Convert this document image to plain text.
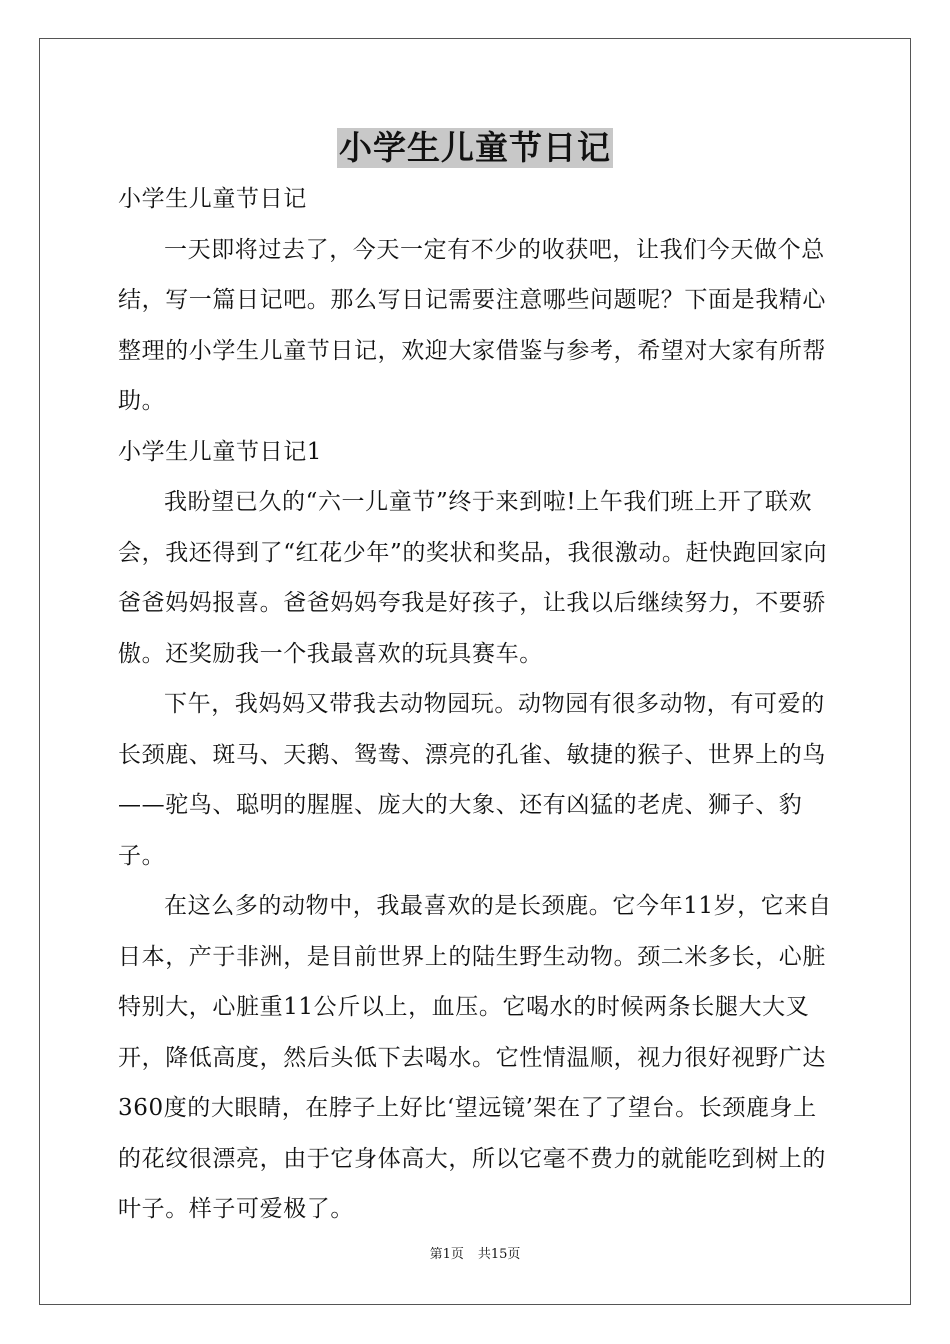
小学生儿童节日记

小学生儿童节日记

一天即将过去了，今天一定有不少的收获吧，让我们今天做个总结，写一篇日记吧。那么写日记需要注意哪些问题呢？下面是我精心整理的小学生儿童节日记，欢迎大家借鉴与参考，希望对大家有所帮助。

小学生儿童节日记1

我盼望已久的“六一儿童节”终于来到啦!上午我们班上开了联欢会，我还得到了“红花少年”的奖状和奖品，我很激动。赶快跑回家向爸爸妈妈报喜。爸爸妈妈夸我是好孩子，让我以后继续努力，不要骄傲。还奖励我一个我最喜欢的玩具赛车。

下午，我妈妈又带我去动物园玩。动物园有很多动物，有可爱的长颈鹿、斑马、天鹅、鸳鸯、漂亮的孔雀、敏捷的猴子、世界上的鸟——驼鸟、聪明的腥腥、庞大的大象、还有凶猛的老虎、狮子、豹子。

在这么多的动物中，我最喜欢的是长颈鹿。它今年11岁，它来自日本，产于非洲，是目前世界上的陆生野生动物。颈二米多长，心脏特别大，心脏重11公斤以上，血压。它喝水的时候两条长腿大大叉开，降低高度，然后头低下去喝水。它性情温顺，视力很好视野广达360度的大眼睛，在脖子上好比‘望远镜’架在了了望台。长颈鹿身上的花纹很漂亮，由于它身体高大，所以它毫不费力的就能吃到树上的叶子。样子可爱极了。

第1页 共15页
